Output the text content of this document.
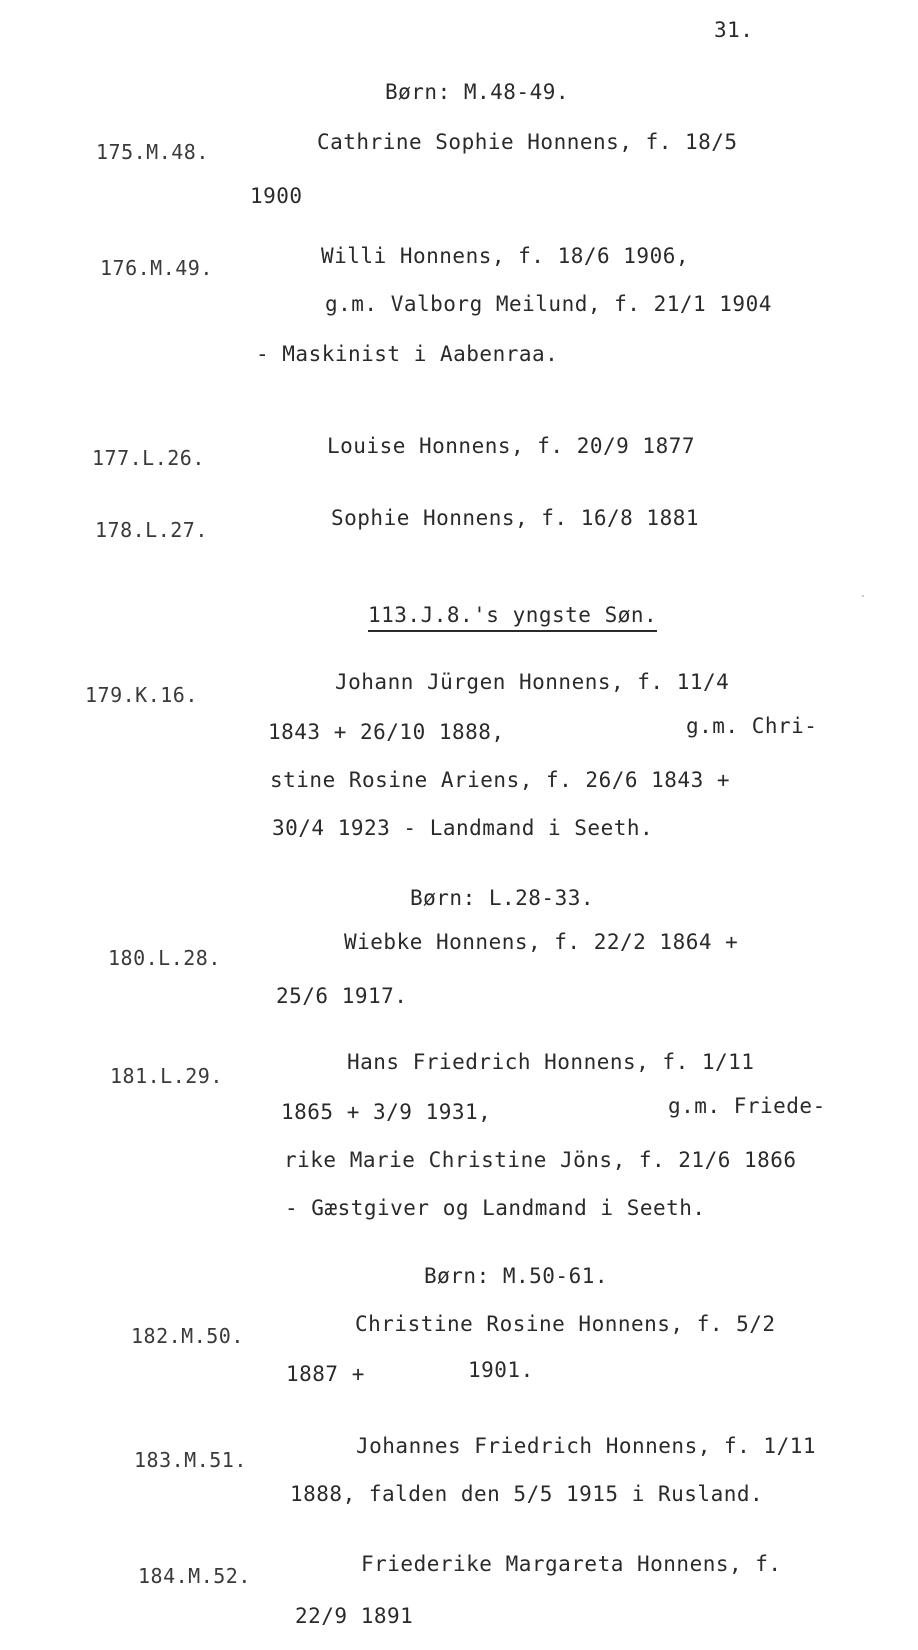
31.
Børn: M.48-49.
175.M.48.	Cathrine Sophie Honnens, f. 18/5
1900
176.M.49.	Willi Honnens, f. 18/6 1906,
g.m. Valborg Meilund, f. 21/1 1904
- Maskinist i Aabenraa.
177.L.26.	Louise Honnens, f. 20/9 1877
178.L.27.	Sophie Honnens, f. 16/8 1881
113.J.8.'s yngste Søn.
179.K.16.
Johann Jürgen Honnens, f. 11/4
1843 + 26/10 1888,	g.m. Chri-
stine Rosine Ariens, f. 26/6 1843 +
30/4 1923 - Landmand i Seeth.
Børn: L.28-33.
180.L.28.
Wiebke Honnens, f. 22/2 1864 +
25/6 1917.
181.L.29.
Hans Friedrich Honnens, f. 1/11
1865 + 3/9 1931,	g.m. Friede-
rike Marie Christine Jöns, f. 21/6 1866
- Gæstgiver og Landmand i Seeth.
Børn: M.50-61.
182.M.50.	Christine Rosine Honnens, f. 5/2
1887 +	1901.
183.M.51.
Johannes Friedrich Honnens, f. 1/11
1888, falden den 5/5 1915 i Rusland.
184.M.52.	Friederike Margareta Honnens, f.
22/9 1891
